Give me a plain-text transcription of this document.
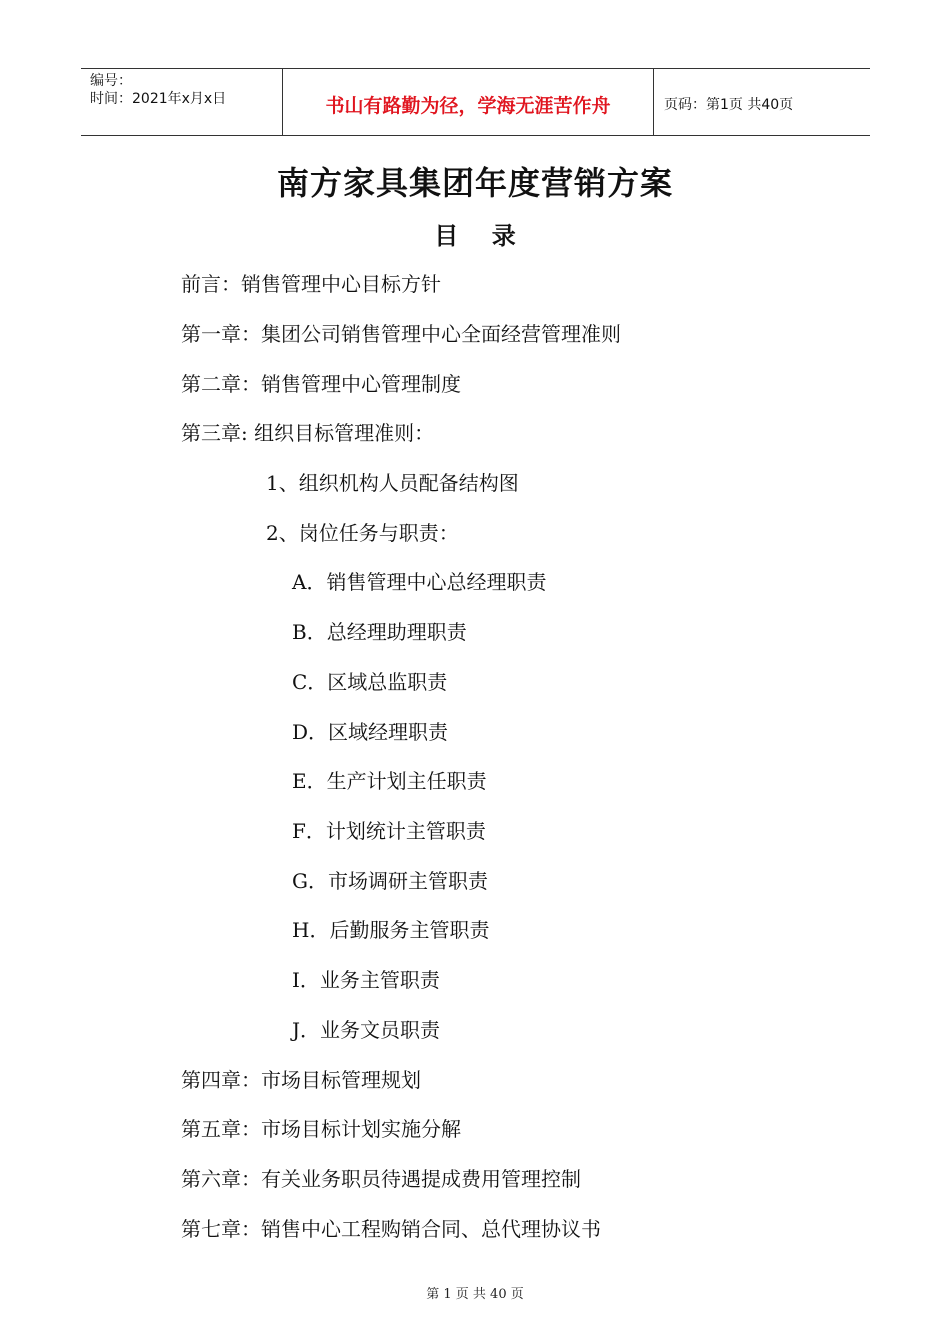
编号：
时间：2021年x月x日	书山有路勤为径，学海无涯苦作舟	页码：第1页 共40页
南方家具集团年度营销方案
目    录
前言：销售管理中心目标方针
第一章：集团公司销售管理中心全面经营管理准则
第二章：销售管理中心管理制度
第三章: 组织目标管理准则：
1、组织机构人员配备结构图
2、岗位任务与职责：
A．销售管理中心总经理职责
B．总经理助理职责
C．区域总监职责
D．区域经理职责
E．生产计划主任职责
F．计划统计主管职责
G．市场调研主管职责
H．后勤服务主管职责
I．业务主管职责
J．业务文员职责
第四章：市场目标管理规划
第五章：市场目标计划实施分解
第六章：有关业务职员待遇提成费用管理控制
第七章：销售中心工程购销合同、总代理协议书

第 1 页 共 40 页
